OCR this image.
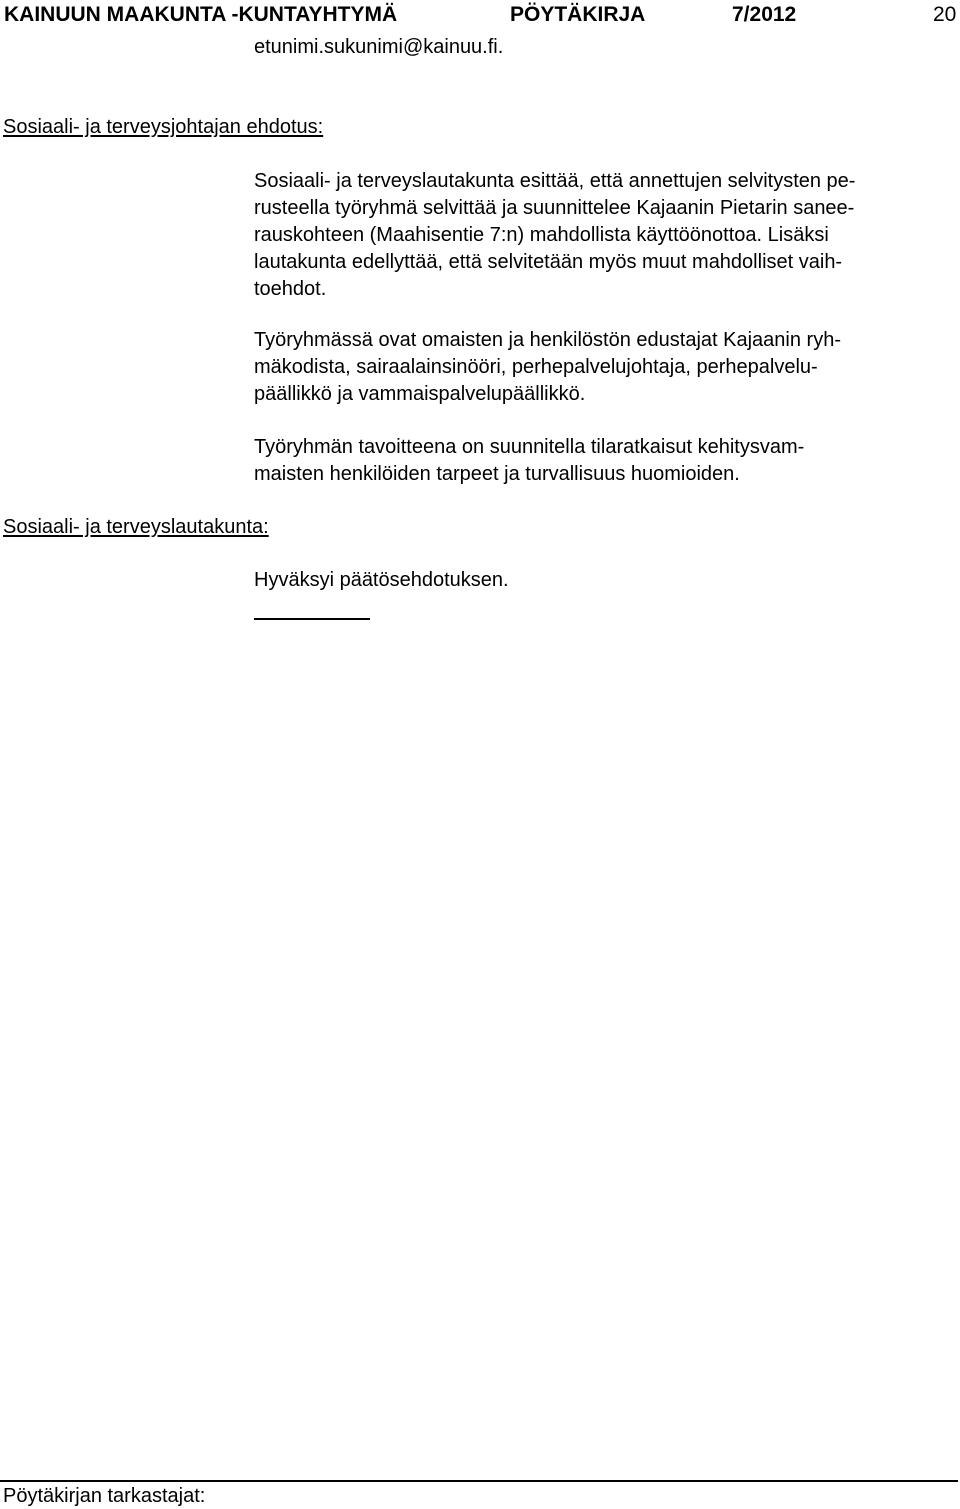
KAINUUN MAAKUNTA -KUNTAYHTYMÄ	PÖYTÄKIRJA	7/2012	20
etunimi.sukunimi@kainuu.fi.
Sosiaali- ja terveysjohtajan ehdotus:
Sosiaali- ja terveyslautakunta esittää, että annettujen selvitysten pe-
rusteella työryhmä selvittää ja suunnittelee Kajaanin Pietarin sanee-
rauskohteen (Maahisentie 7:n) mahdollista käyttöönottoa. Lisäksi
lautakunta edellyttää, että selvitetään myös muut mahdolliset vaih-
toehdot.
Työryhmässä ovat omaisten ja henkilöstön edustajat Kajaanin ryh-
mäkodista, sairaalainsinööri, perhepalvelujohtaja, perhepalvelu-
päällikkö ja vammaispalvelupäällikkö.
Työryhmän tavoitteena on suunnitella tilaratkaisut kehitysvam-
maisten henkilöiden tarpeet ja turvallisuus huomioiden.
Sosiaali- ja terveyslautakunta:
Hyväksyi päätösehdotuksen.
Pöytäkirjan tarkastajat:
